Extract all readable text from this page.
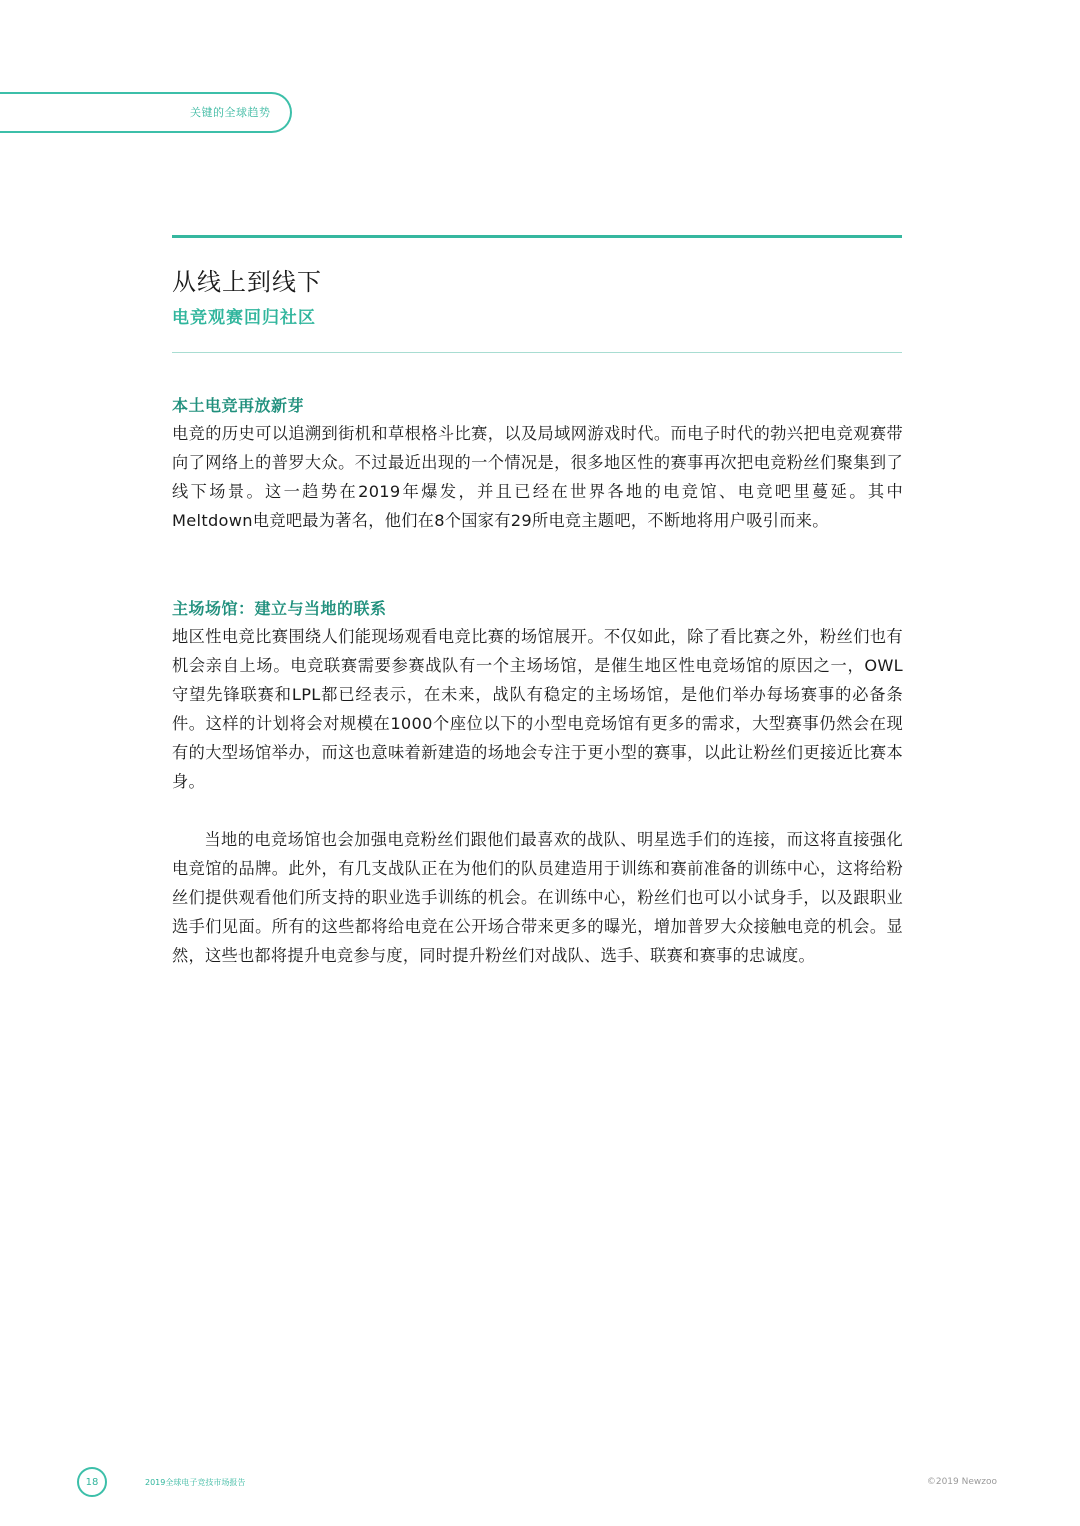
关键的全球趋势
从线上到线下
电竞观赛回归社区
本土电竞再放新芽

电竞的历史可以追溯到街机和草根格斗比赛，以及局域网游戏时代。而电子时代的勃兴把电竞观赛带向了网络上的普罗大众。不过最近出现的一个情况是，很多地区性的赛事再次把电竞粉丝们聚集到了线下场景。这一趋势在2019年爆发，并且已经在世界各地的电竞馆、电竞吧里蔓延。其中Meltdown电竞吧最为著名，他们在8个国家有29所电竞主题吧，不断地将用户吸引而来。

主场场馆：建立与当地的联系

地区性电竞比赛围绕人们能现场观看电竞比赛的场馆展开。不仅如此，除了看比赛之外，粉丝们也有机会亲自上场。电竞联赛需要参赛战队有一个主场场馆，是催生地区性电竞场馆的原因之一，OWL守望先锋联赛和LPL都已经表示，在未来，战队有稳定的主场场馆，是他们举办每场赛事的必备条件。这样的计划将会对规模在1000个座位以下的小型电竞场馆有更多的需求，大型赛事仍然会在现有的大型场馆举办，而这也意味着新建造的场地会专注于更小型的赛事，以此让粉丝们更接近比赛本身。

当地的电竞场馆也会加强电竞粉丝们跟他们最喜欢的战队、明星选手们的连接，而这将直接强化电竞馆的品牌。此外，有几支战队正在为他们的队员建造用于训练和赛前准备的训练中心，这将给粉丝们提供观看他们所支持的职业选手训练的机会。在训练中心，粉丝们也可以小试身手，以及跟职业选手们见面。所有的这些都将给电竞在公开场合带来更多的曝光，增加普罗大众接触电竞的机会。显然，这些也都将提升电竞参与度，同时提升粉丝们对战队、选手、联赛和赛事的忠诚度。

18	2019全球电子竞技市场报告	©2019 Newzoo
